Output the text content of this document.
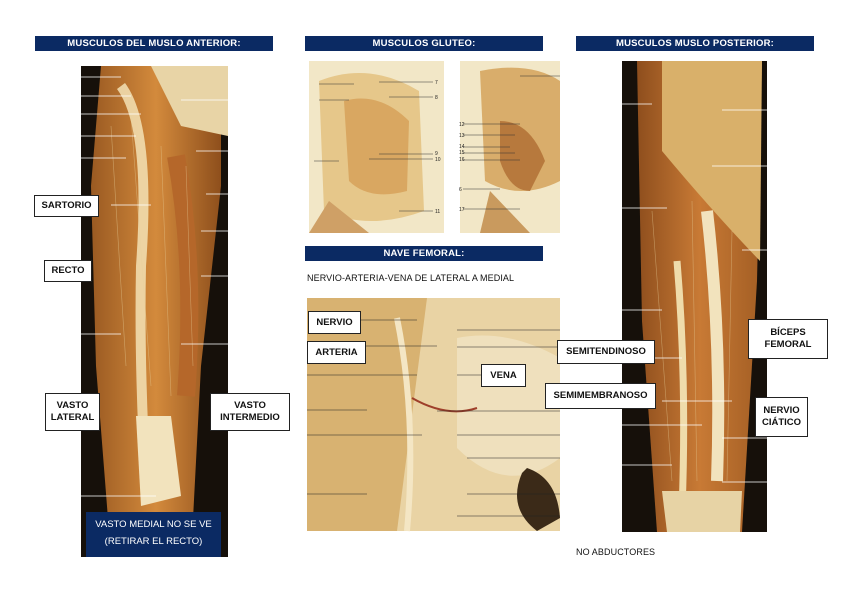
MUSCULOS DEL MUSLO ANTERIOR:	MUSCULOS GLUTEO:	MUSCULOS MUSLO POSTERIOR:
NAVE FEMORAL:
SARTORIO
RECTO
VASTO
LATERAL
VASTO
INTERMEDIO
VASTO MEDIAL NO SE VE
(RETIRAR EL RECTO)
7
8
9
10
11
12
13
14
15
16
6
17
NERVIO-ARTERIA-VENA DE LATERAL A MEDIAL
NERVIO
ARTERIA
VENA
SEMITENDINOSO
SEMIMEMBRANOSO
BÍCEPS
FEMORAL
NERVIO
CIÁTICO
NO ABDUCTORES
